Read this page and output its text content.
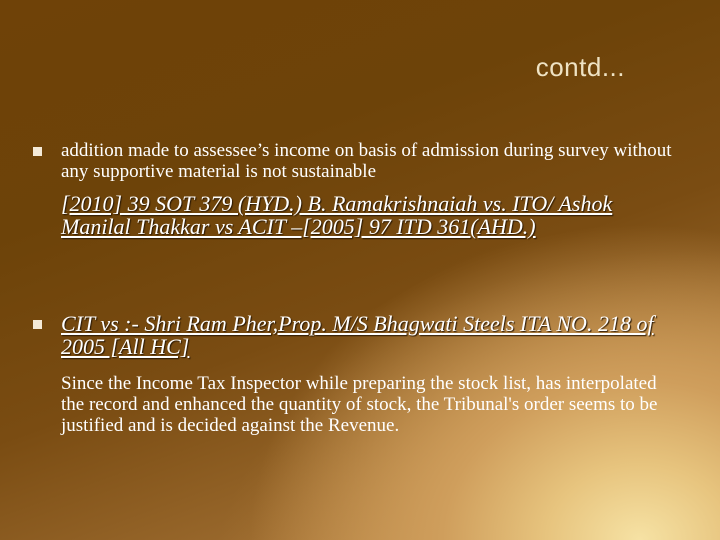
contd...
addition made to assessee’s income on basis of admission during survey without any supportive material is not sustainable
[2010] 39 SOT 379 (HYD.) B. Ramakrishnaiah vs. ITO/ Ashok Manilal Thakkar vs ACIT –[2005] 97 ITD 361(AHD.)
CIT vs :- Shri Ram Pher,Prop. M/S Bhagwati Steels ITA NO. 218 of 2005 [All HC]
Since the Income Tax Inspector while preparing the stock list, has interpolated the record and enhanced the quantity of stock, the Tribunal's order seems to be justified and is decided against the Revenue.
